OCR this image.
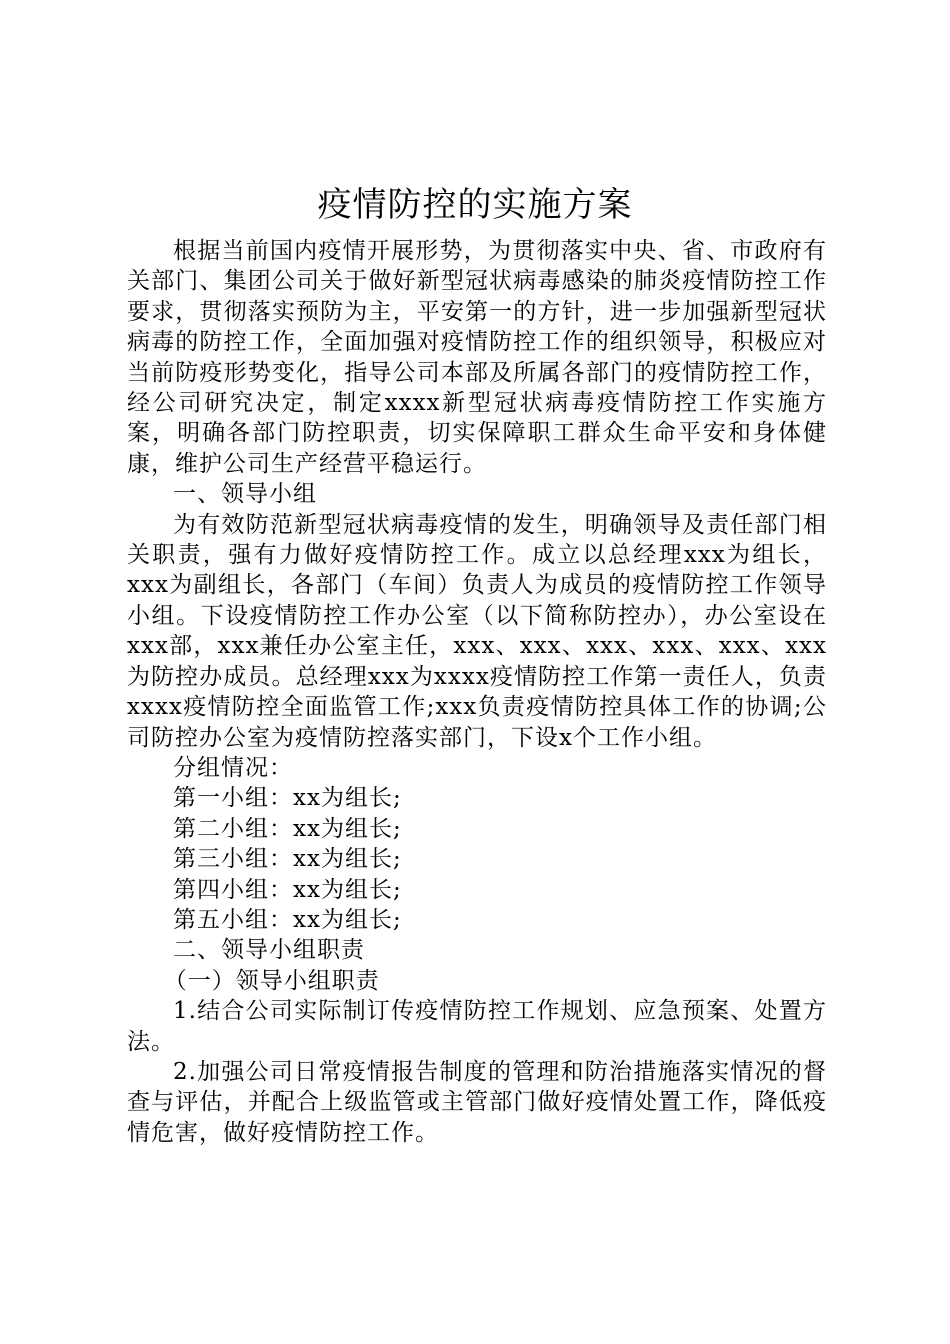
疫情防控的实施方案

根据当前国内疫情开展形势，为贯彻落实中央、省、市政府有关部门、集团公司关于做好新型冠状病毒感染的肺炎疫情防控工作要求，贯彻落实预防为主，平安第一的方针，进一步加强新型冠状病毒的防控工作，全面加强对疫情防控工作的组织领导，积极应对当前防疫形势变化，指导公司本部及所属各部门的疫情防控工作，经公司研究决定，制定xxxx新型冠状病毒疫情防控工作实施方案，明确各部门防控职责，切实保障职工群众生命平安和身体健康，维护公司生产经营平稳运行。

一、领导小组

为有效防范新型冠状病毒疫情的发生，明确领导及责任部门相关职责，强有力做好疫情防控工作。成立以总经理xxx为组长，xxx为副组长，各部门（车间）负责人为成员的疫情防控工作领导小组。下设疫情防控工作办公室（以下简称防控办），办公室设在xxx部，xxx兼任办公室主任，xxx、xxx、xxx、xxx、xxx、xxx为防控办成员。总经理xxx为xxxx疫情防控工作第一责任人，负责xxxx疫情防控全面监管工作;xxx负责疫情防控具体工作的协调;公司防控办公室为疫情防控落实部门，下设x个工作小组。

分组情况：

第一小组：xx为组长;

第二小组：xx为组长;

第三小组：xx为组长;

第四小组：xx为组长;

第五小组：xx为组长;

二、领导小组职责

（一）领导小组职责

1.结合公司实际制订传疫情防控工作规划、应急预案、处置方法。

2.加强公司日常疫情报告制度的管理和防治措施落实情况的督查与评估，并配合上级监管或主管部门做好疫情处置工作，降低疫情危害，做好疫情防控工作。
